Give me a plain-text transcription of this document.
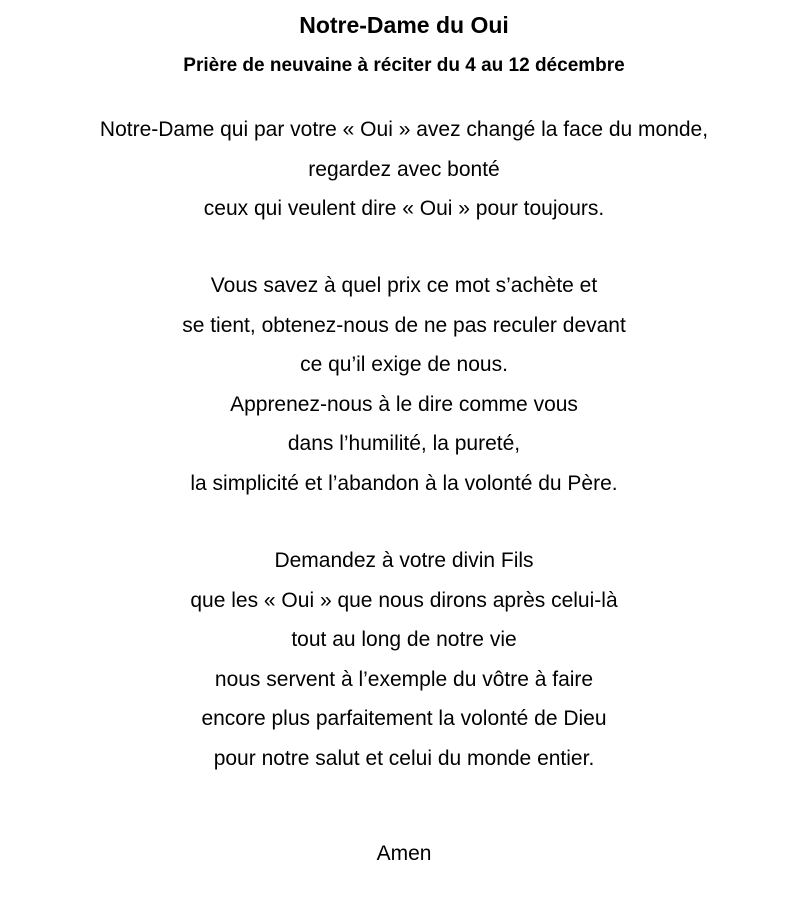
Notre-Dame du Oui
Prière de neuvaine à réciter du 4 au 12 décembre
Notre-Dame qui par votre « Oui » avez changé la face du monde,
regardez avec bonté
ceux qui veulent dire « Oui » pour toujours.
Vous savez à quel prix ce mot s’achète et
se tient, obtenez-nous de ne pas reculer devant
ce qu’il exige de nous.
Apprenez-nous à le dire comme vous
dans l’humilité, la pureté,
la simplicité et l’abandon à la volonté du Père.
Demandez à votre divin Fils
que les « Oui » que nous dirons après celui-là
tout au long de notre vie
nous servent à l’exemple du vôtre à faire
encore plus parfaitement la volonté de Dieu
pour notre salut et celui du monde entier.
Amen
